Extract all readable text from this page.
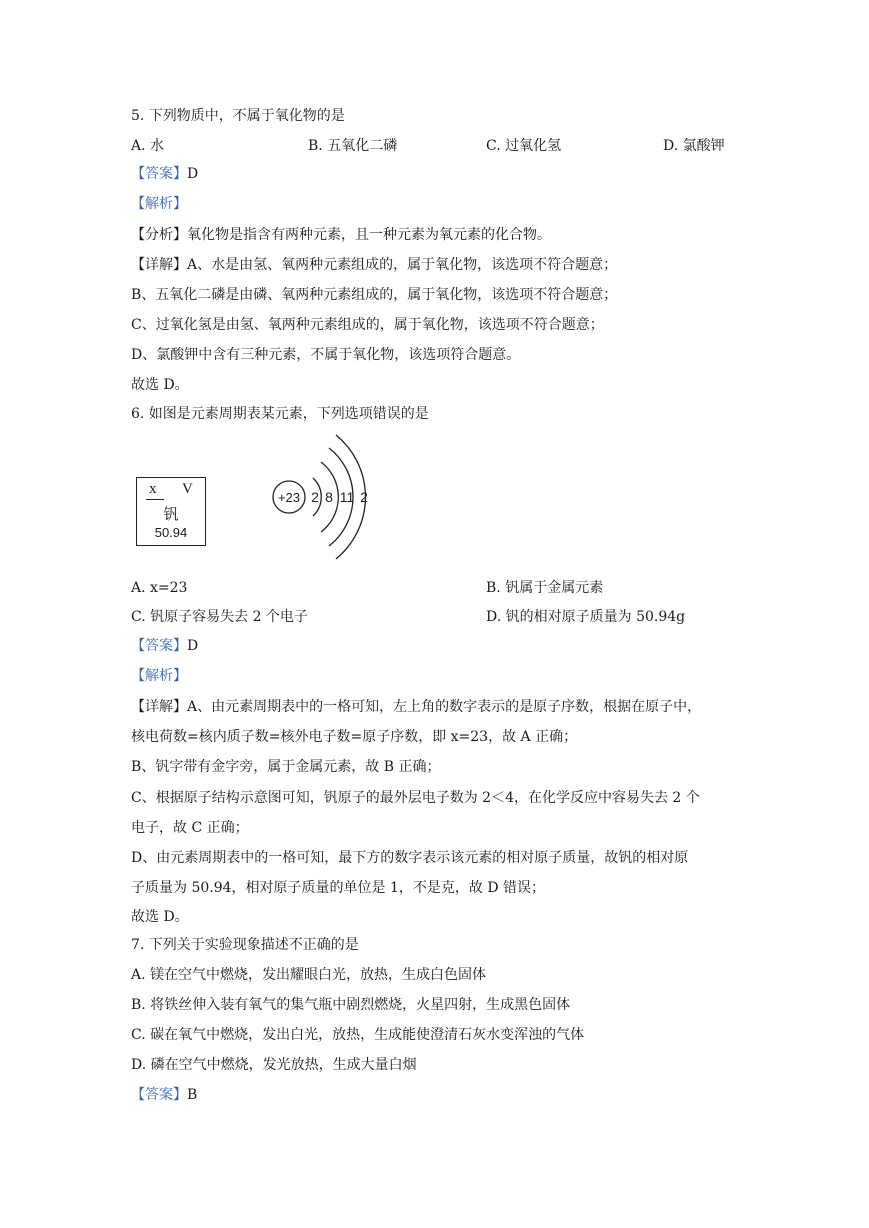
5. 下列物质中，不属于氧化物的是
A. 水	B. 五氧化二磷	C. 过氧化氢	D. 氯酸钾
【答案】D
【解析】
【分析】氧化物是指含有两种元素，且一种元素为氧元素的化合物。
【详解】A、水是由氢、氧两种元素组成的，属于氧化物，该选项不符合题意；
B、五氧化二磷是由磷、氧两种元素组成的，属于氧化物，该选项不符合题意；
C、过氧化氢是由氢、氧两种元素组成的，属于氧化物，该选项不符合题意；
D、氯酸钾中含有三种元素，不属于氧化物，该选项符合题意。
故选 D。
6. 如图是元素周期表某元素，下列选项错误的是
x V
钒
50.94
+23 2 8 11 2
A. x=23	B. 钒属于金属元素
C. 钒原子容易失去 2 个电子	D. 钒的相对原子质量为 50.94g
【答案】D
【解析】
【详解】A、由元素周期表中的一格可知，左上角的数字表示的是原子序数，根据在原子中，
核电荷数=核内质子数=核外电子数=原子序数，即 x=23，故 A 正确；
B、钒字带有金字旁，属于金属元素，故 B 正确；
C、根据原子结构示意图可知，钒原子的最外层电子数为 2＜4，在化学反应中容易失去 2 个
电子，故 C 正确；
D、由元素周期表中的一格可知，最下方的数字表示该元素的相对原子质量，故钒的相对原
子质量为 50.94，相对原子质量的单位是 1，不是克，故 D 错误；
故选 D。
7. 下列关于实验现象描述不正确的是
A. 镁在空气中燃烧，发出耀眼白光，放热，生成白色固体
B. 将铁丝伸入装有氧气的集气瓶中剧烈燃烧，火星四射，生成黑色固体
C. 碳在氧气中燃烧，发出白光，放热，生成能使澄清石灰水变浑浊的气体
D. 磷在空气中燃烧，发光放热，生成大量白烟
【答案】B
